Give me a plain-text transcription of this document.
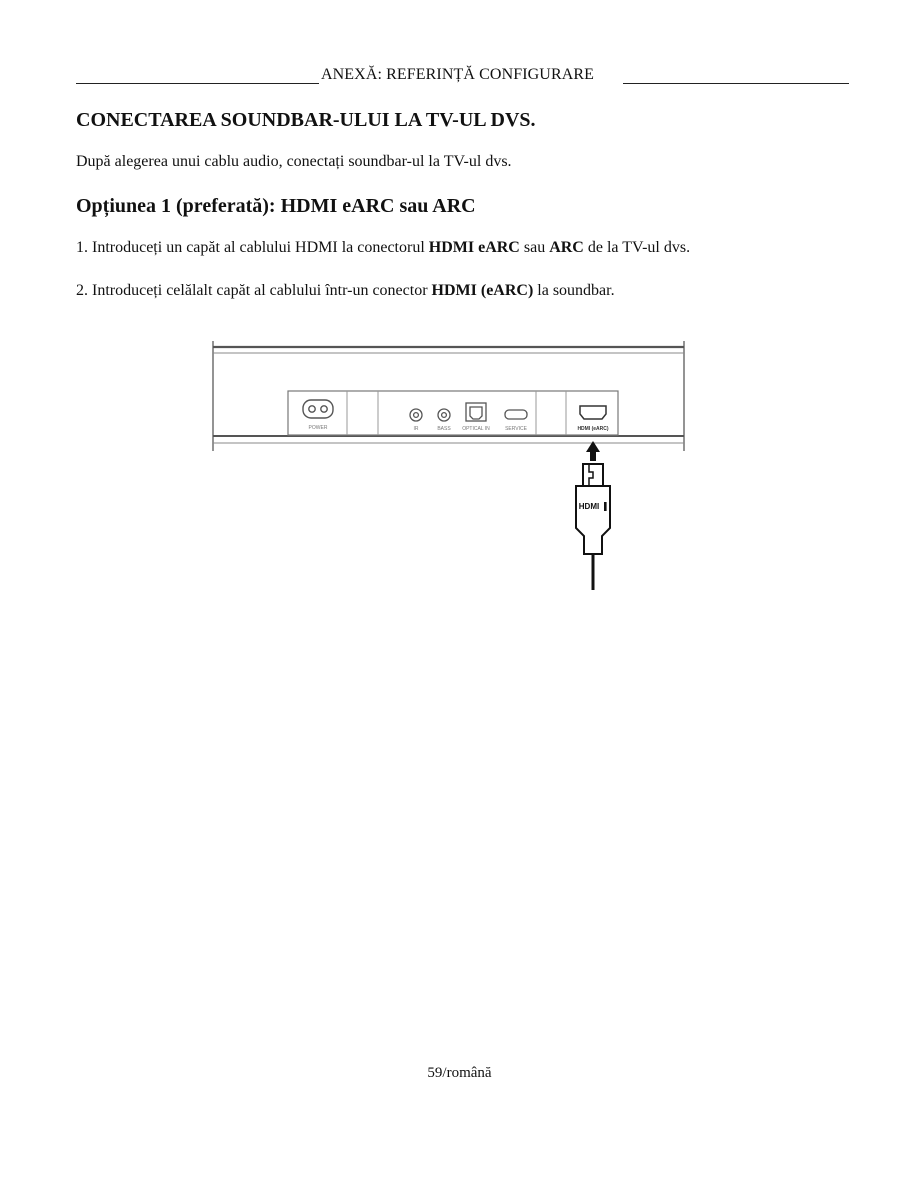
ANEXĂ: REFERINȚĂ CONFIGURARE
CONECTAREA SOUNDBAR-ULUI LA TV-UL DVS.

După alegerea unui cablu audio, conectați soundbar-ul la TV-ul dvs.

Opțiunea 1 (preferată): HDMI eARC sau ARC

1. Introduceți un capăt al cablului HDMI la conectorul HDMI eARC sau ARC de la TV-ul dvs.

2. Introduceți celălalt capăt al cablului într-un conector HDMI (eARC) la soundbar.

POWER	IR	BASS OPTICAL IN	SERVICE	HDMI (eARC)
HDMI
59/română
